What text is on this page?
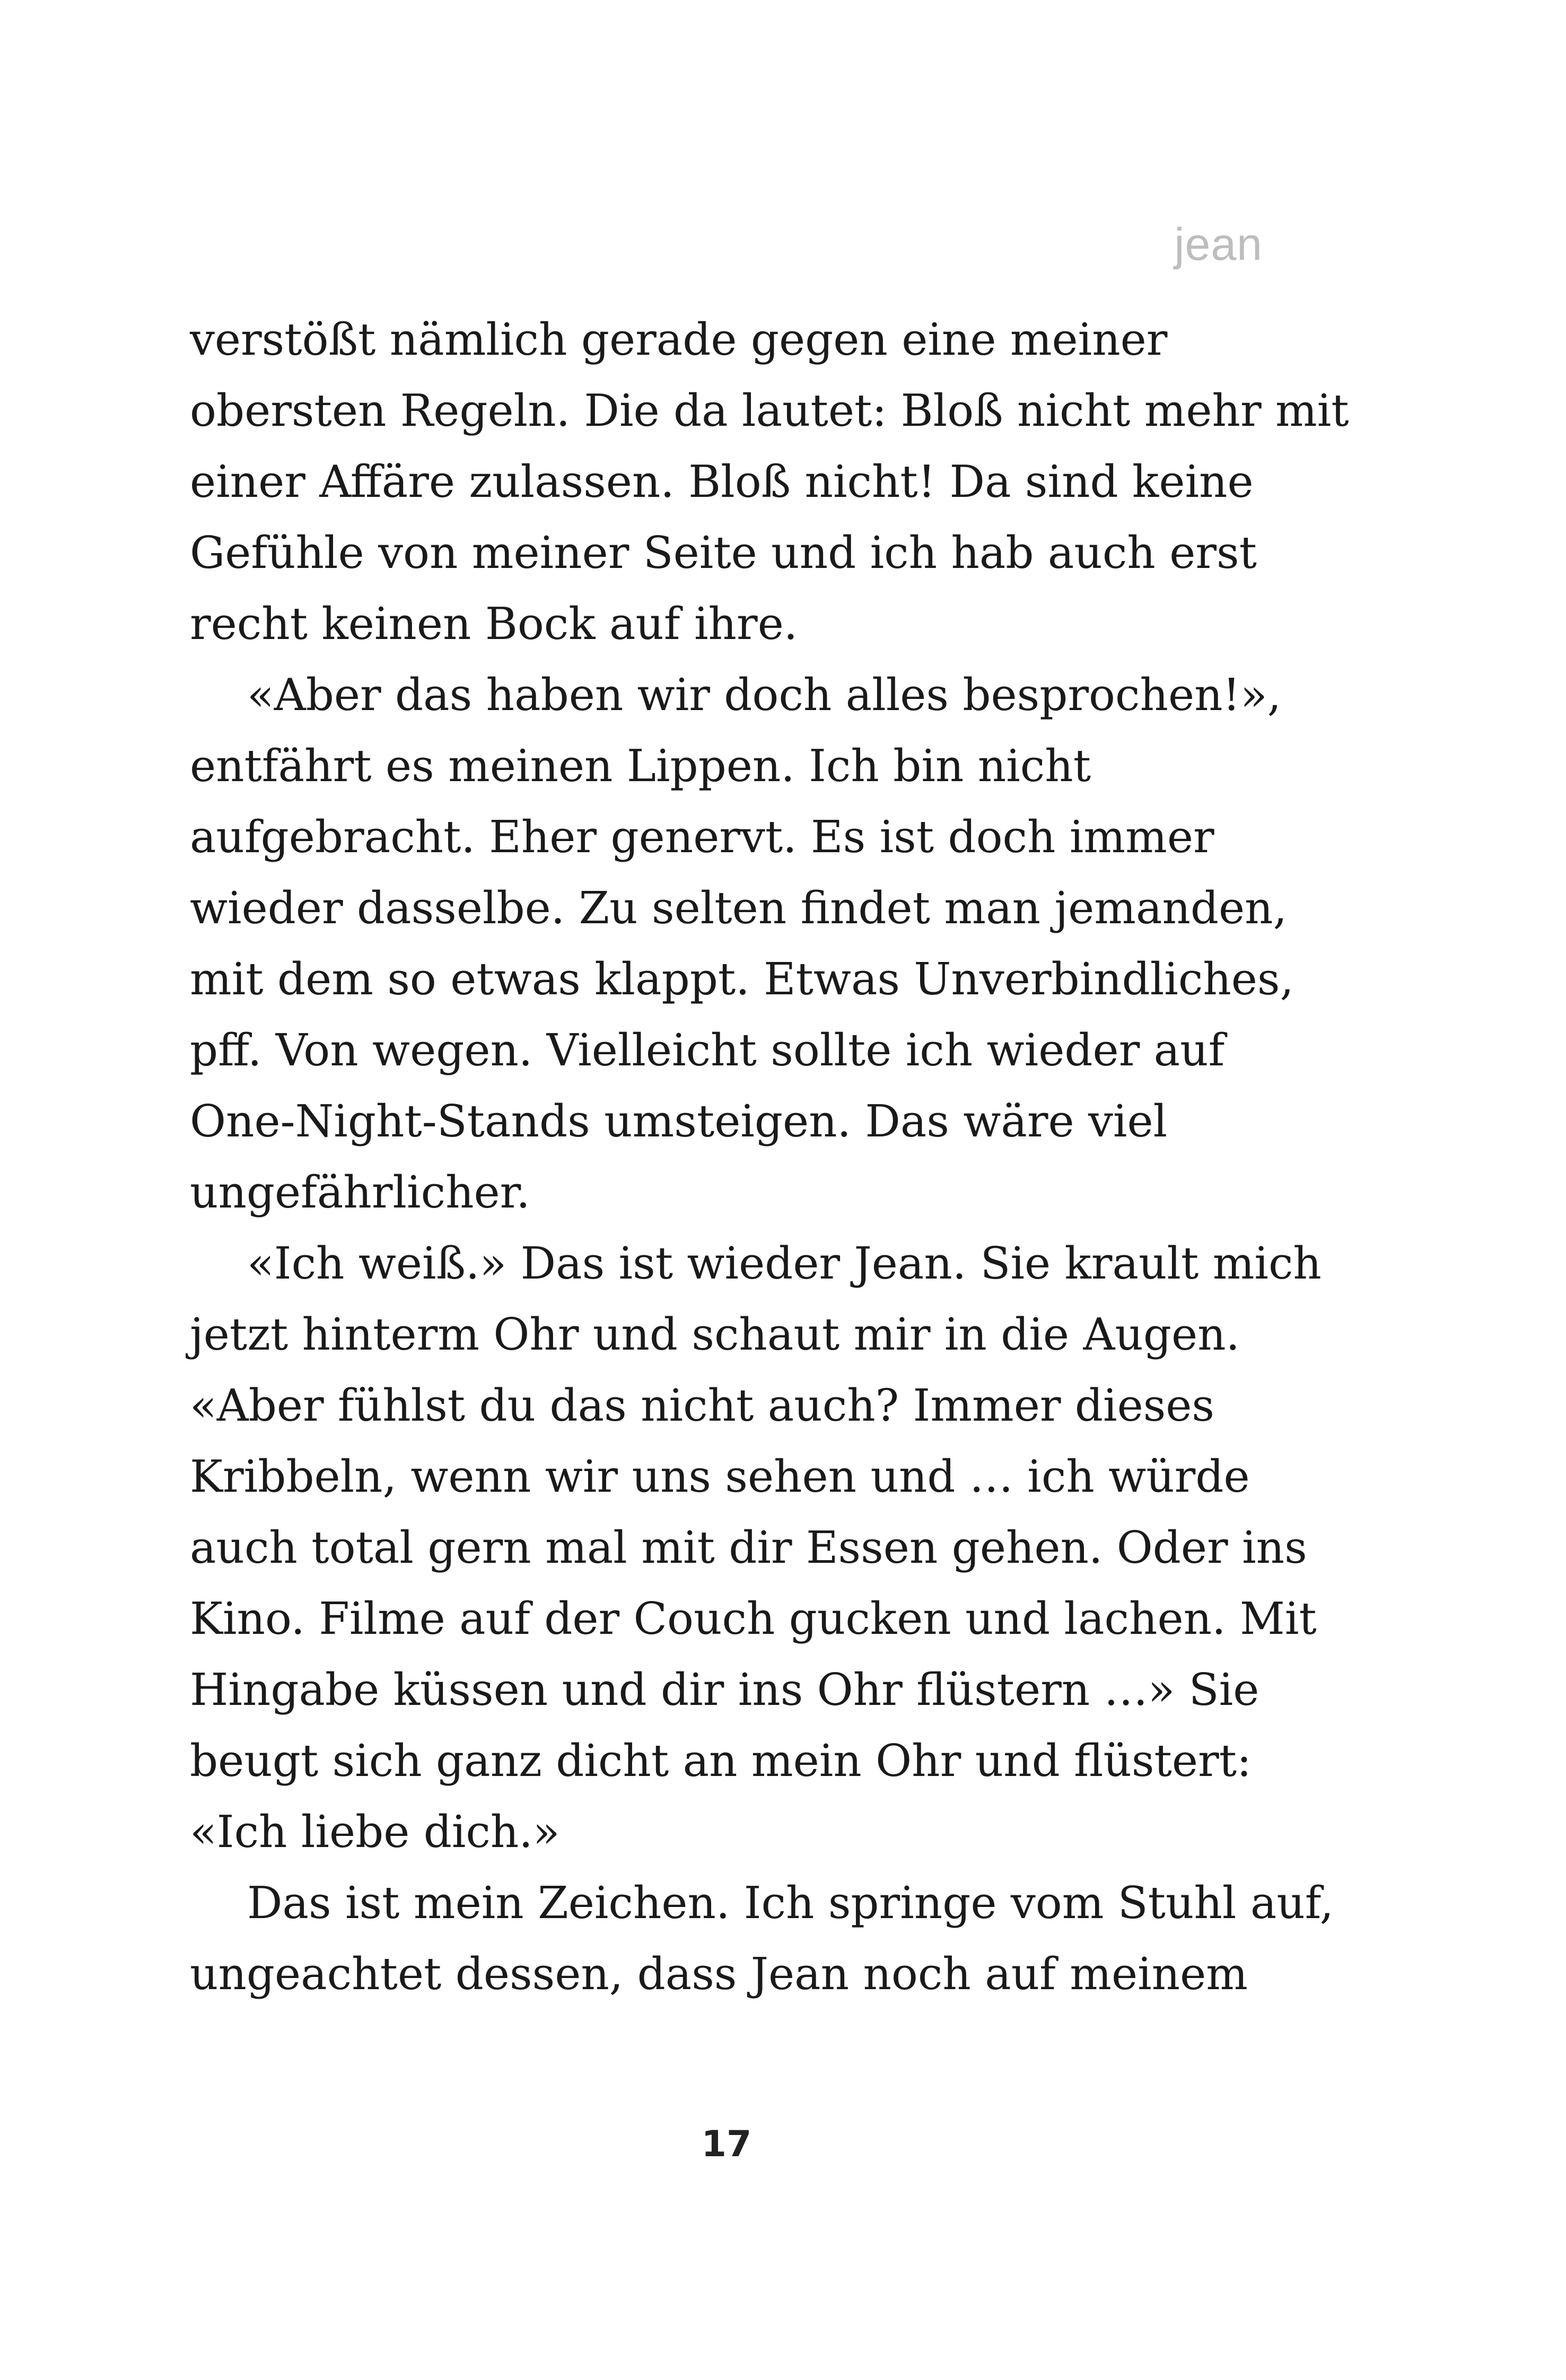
jean
verstößt nämlich gerade gegen eine meiner
obersten Regeln. Die da lautet: Bloß nicht mehr mit
einer Affäre zulassen. Bloß nicht! Da sind keine
Gefühle von meiner Seite und ich hab auch erst
recht keinen Bock auf ihre.
«Aber das haben wir doch alles besprochen!»,
entfährt es meinen Lippen. Ich bin nicht
aufgebracht. Eher genervt. Es ist doch immer
wieder dasselbe. Zu selten findet man jemanden,
mit dem so etwas klappt. Etwas Unverbindliches,
pff. Von wegen. Vielleicht sollte ich wieder auf
One-Night-Stands umsteigen. Das wäre viel
ungefährlicher.
«Ich weiß.» Das ist wieder Jean. Sie krault mich
jetzt hinterm Ohr und schaut mir in die Augen.
«Aber fühlst du das nicht auch? Immer dieses
Kribbeln, wenn wir uns sehen und … ich würde
auch total gern mal mit dir Essen gehen. Oder ins
Kino. Filme auf der Couch gucken und lachen. Mit
Hingabe küssen und dir ins Ohr flüstern …» Sie
beugt sich ganz dicht an mein Ohr und flüstert:
«Ich liebe dich.»
Das ist mein Zeichen. Ich springe vom Stuhl auf,
ungeachtet dessen, dass Jean noch auf meinem
17
